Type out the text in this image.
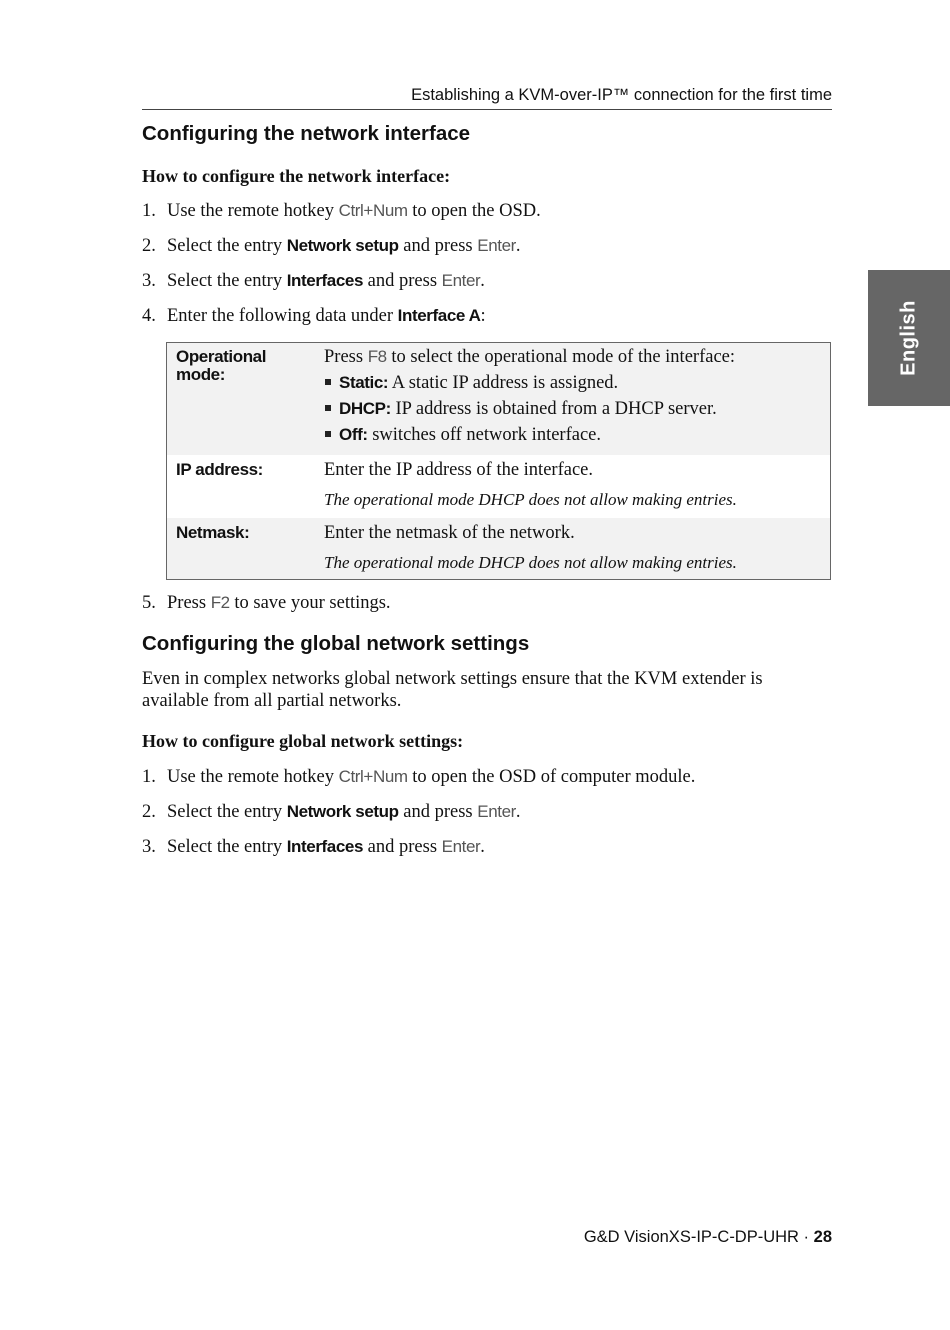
Establishing a KVM-over-IP™ connection for the first time
English
Configuring the network interface
How to configure the network interface:
1. Use the remote hotkey Ctrl+Num to open the OSD.
2. Select the entry Network setup and press Enter.
3. Select the entry Interfaces and press Enter.
4. Enter the following data under Interface A:
Operational mode:
Press F8 to select the operational mode of the interface:
Static: A static IP address is assigned.
DHCP: IP address is obtained from a DHCP server.
Off: switches off network interface.
IP address:	Enter the IP address of the interface.
The operational mode DHCP does not allow making entries.
Netmask:	Enter the netmask of the network.
The operational mode DHCP does not allow making entries.
5. Press F2 to save your settings.
Configuring the global network settings
Even in complex networks global network settings ensure that the KVM extender is available from all partial networks.
How to configure global network settings:
1. Use the remote hotkey Ctrl+Num to open the OSD of computer module.
2. Select the entry Network setup and press Enter.
3. Select the entry Interfaces and press Enter.
G&D VisionXS-IP-C-DP-UHR · 28
